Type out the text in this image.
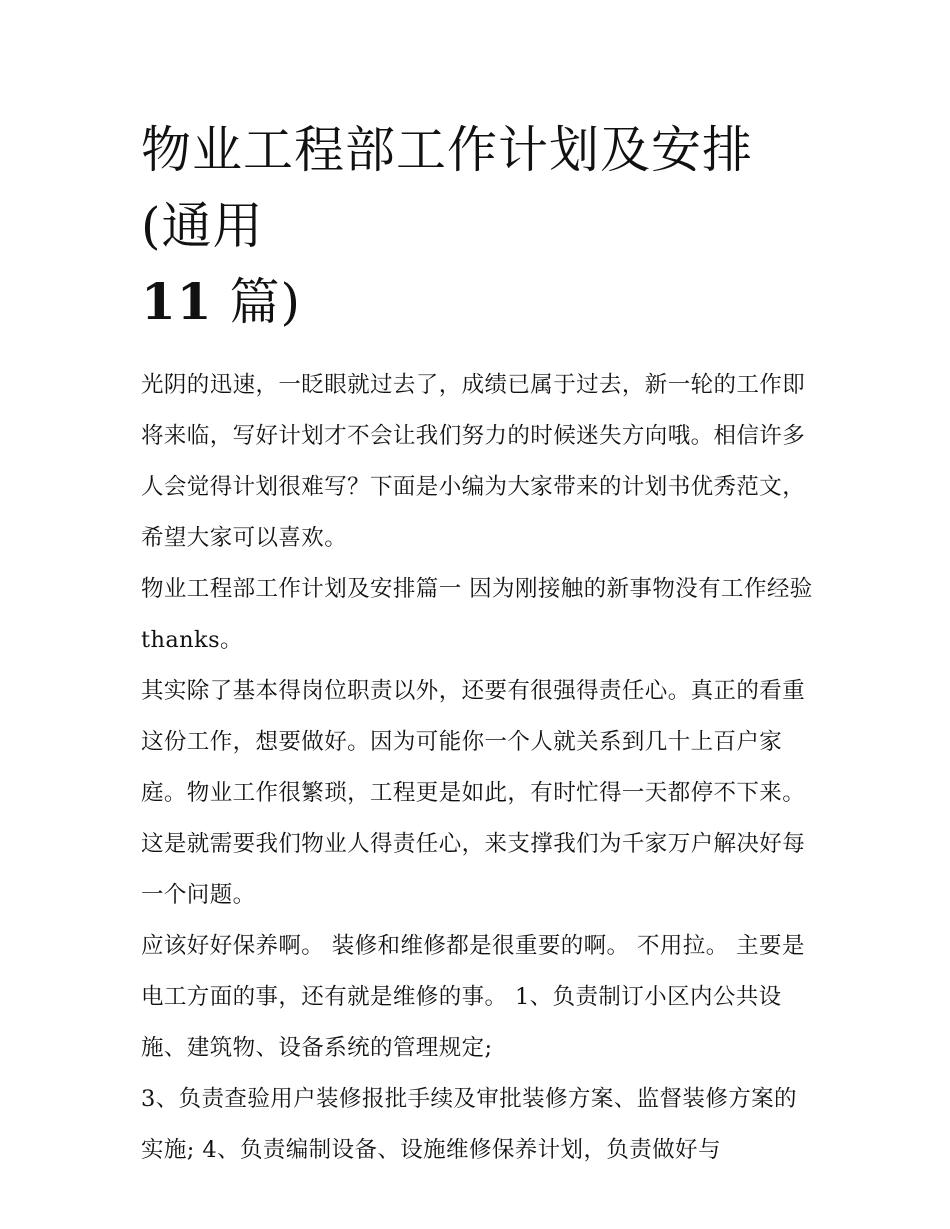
物业工程部工作计划及安排(通用
11 篇)

光阴的迅速，一眨眼就过去了，成绩已属于过去，新一轮的工作即将来临，写好计划才不会让我们努力的时候迷失方向哦。相信许多人会觉得计划很难写？下面是小编为大家带来的计划书优秀范文，希望大家可以喜欢。

物业工程部工作计划及安排篇一 因为刚接触的新事物没有工作经验 thanks。

其实除了基本得岗位职责以外，还要有很强得责任心。真正的看重这份工作，想要做好。因为可能你一个人就关系到几十上百户家庭。物业工作很繁琐，工程更是如此，有时忙得一天都停不下来。这是就需要我们物业人得责任心，来支撑我们为千家万户解决好每一个问题。

应该好好保养啊。 装修和维修都是很重要的啊。 不用拉。 主要是电工方面的事，还有就是维修的事。 1、负责制订小区内公共设施、建筑物、设备系统的管理规定;

3、负责查验用户装修报批手续及审批装修方案、监督装修方案的实施; 4、负责编制设备、设施维修保养计划，负责做好与
